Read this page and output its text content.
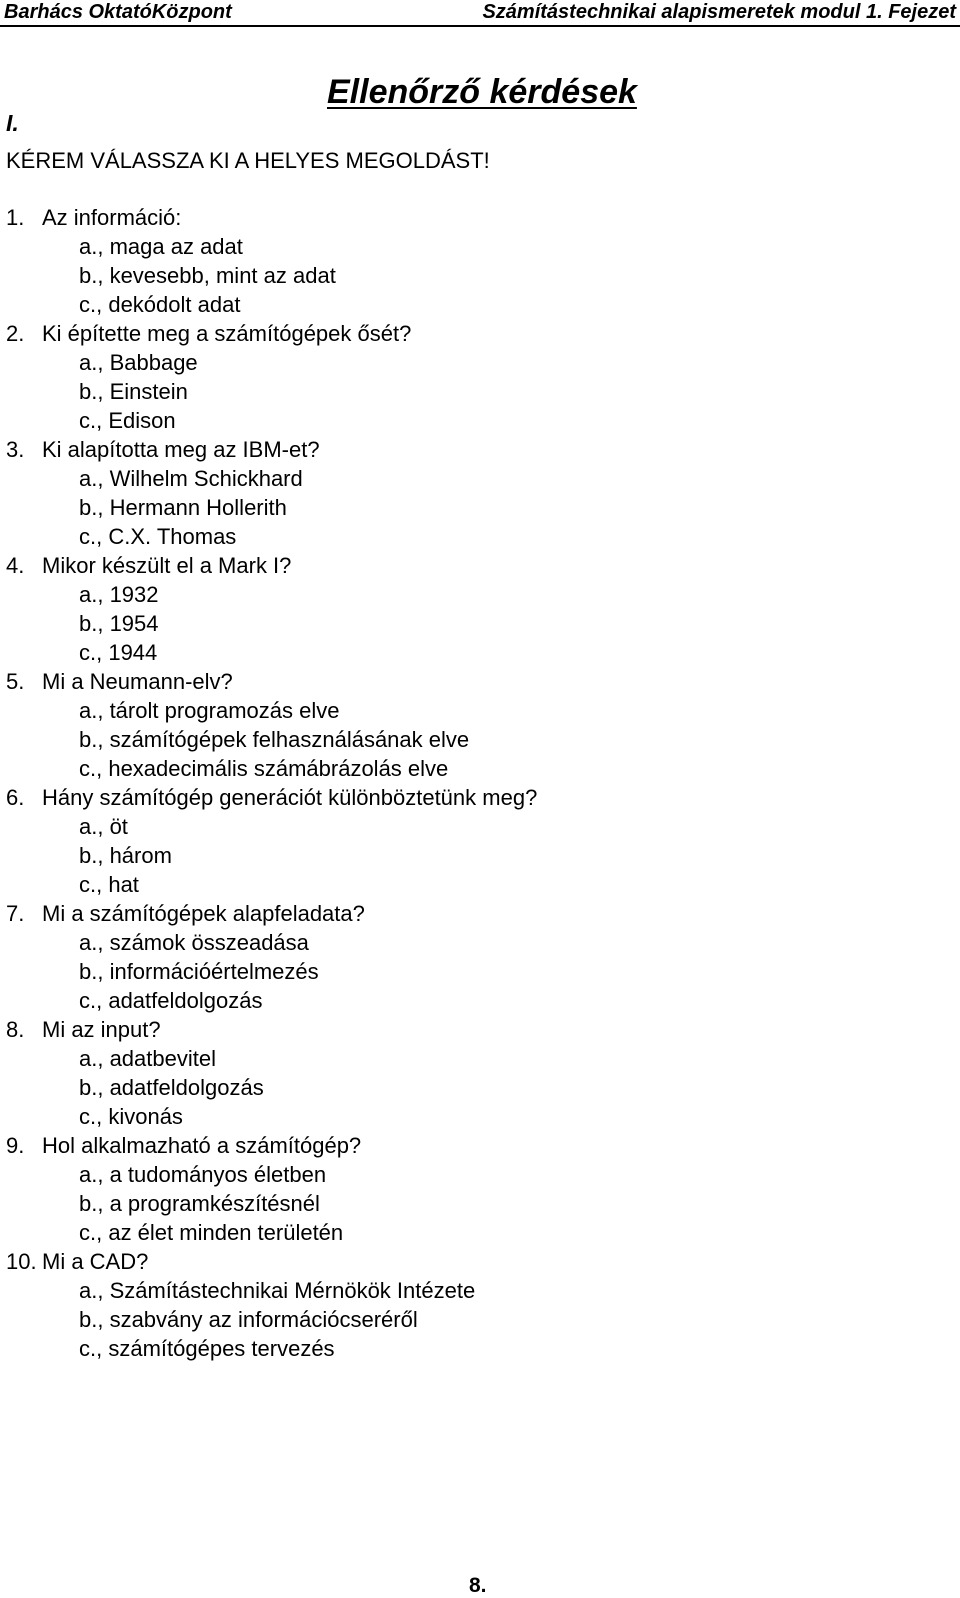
Barhács OktatóKözpont	Számítástechnikai alapismeretek modul 1. Fejezet
Ellenőrző kérdések
I.
KÉREM VÁLASSZA KI A HELYES MEGOLDÁST!
1. Az információ:
a., maga az adat
b., kevesebb, mint az adat
c., dekódolt adat
2. Ki építette meg a számítógépek ősét?
a., Babbage
b., Einstein
c., Edison
3. Ki alapította meg az IBM-et?
a., Wilhelm Schickhard
b., Hermann Hollerith
c., C.X. Thomas
4. Mikor készült el a Mark I?
a., 1932
b., 1954
c., 1944
5. Mi a Neumann-elv?
a., tárolt programozás elve
b., számítógépek felhasználásának elve
c., hexadecimális számábrázolás elve
6. Hány számítógép generációt különböztetünk meg?
a., öt
b., három
c., hat
7. Mi a számítógépek alapfeladata?
a., számok összeadása
b., információértelmezés
c., adatfeldolgozás
8. Mi az input?
a., adatbevitel
b., adatfeldolgozás
c., kivonás
9. Hol alkalmazható a számítógép?
a., a tudományos életben
b., a programkészítésnél
c., az élet minden területén
10. Mi a CAD?
a., Számítástechnikai Mérnökök Intézete
b., szabvány az információcseréről
c., számítógépes tervezés
8.
